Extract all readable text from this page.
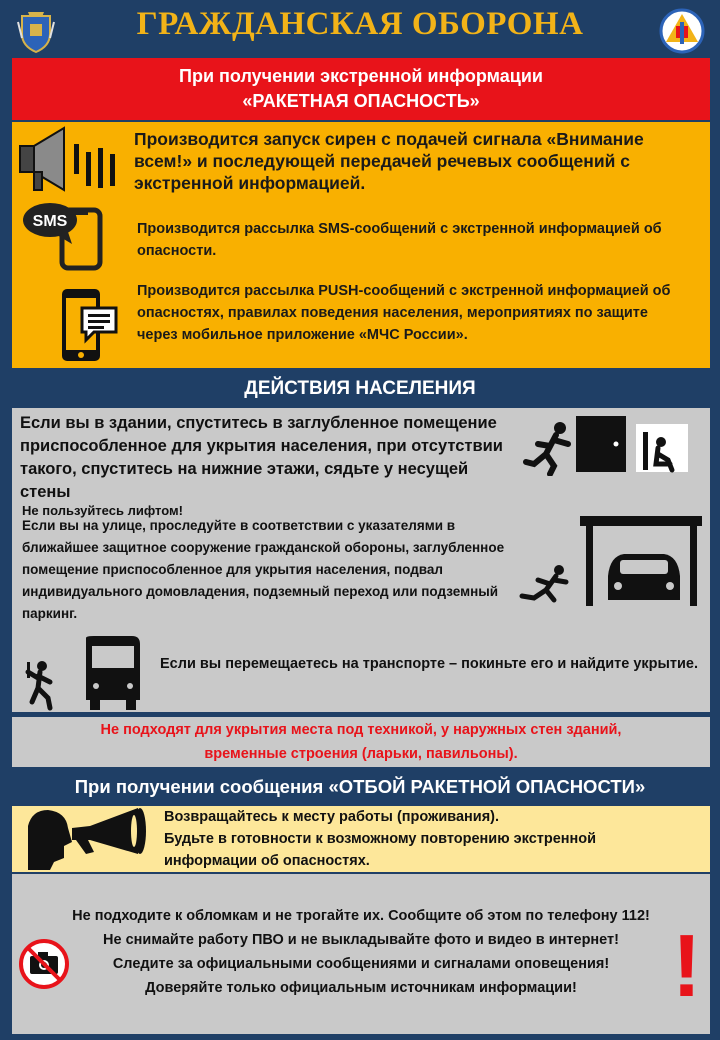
ГРАЖДАНСКАЯ ОБОРОНА
При получении экстренной информации
«РАКЕТНАЯ ОПАСНОСТЬ»
Производится запуск сирен с подачей сигнала «Внимание всем!» и последующей передачей речевых сообщений с экстренной информацией.
SMS	Производится рассылка SMS-сообщений с экстренной информацией об опасности.
Производится рассылка PUSH-сообщений с экстренной информацией об опасностях, правилах поведения населения, мероприятиях по защите через мобильное приложение «МЧС России».
ДЕЙСТВИЯ НАСЕЛЕНИЯ
Если вы в здании, спуститесь в заглубленное помещение
приспособленное для укрытия населения, при отсутствии
такого, спуститесь на нижние этажи, сядьте у несущей
стены
Не пользуйтесь лифтом!
Если вы на улице, проследуйте в соответствии с указателями в ближайшее защитное сооружение гражданской обороны, заглубленное помещение приспособленное для укрытия населения, подвал индивидуального домовладения, подземный переход или подземный паркинг.
Если вы перемещаетесь на транспорте – покиньте его и найдите укрытие.
Не подходят для укрытия места под техникой, у наружных стен зданий,
временные строения (ларьки, павильоны).
При получении сообщения «ОТБОЙ РАКЕТНОЙ ОПАСНОСТИ»
Возвращайтесь к месту работы (проживания).
Будьте в готовности к возможному повторению экстренной информации об опасностях.
Не подходите к обломкам и не трогайте их. Сообщите об этом по телефону 112!
Не снимайте работу ПВО и не выкладывайте фото и видео в интернет!
Следите за официальными сообщениями и сигналами оповещения!
Доверяйте только официальным источникам информации!	!
